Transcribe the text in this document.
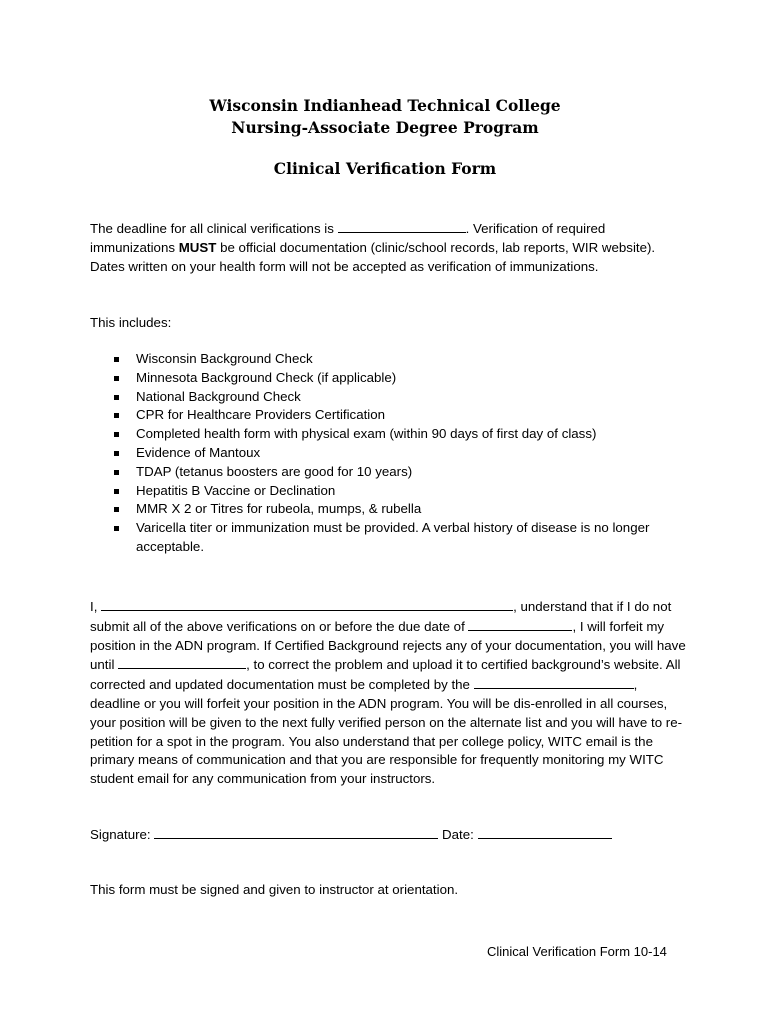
Wisconsin Indianhead Technical College
Nursing-Associate Degree Program
Clinical Verification Form
The deadline for all clinical verifications is	. Verification of required immunizations MUST be official documentation (clinic/school records, lab reports, WIR website). Dates written on your health form will not be accepted as verification of immunizations.
This includes:
Wisconsin Background Check
Minnesota Background Check (if applicable)
National Background Check
CPR for Healthcare Providers Certification
Completed health form with physical exam (within 90 days of first day of class)
Evidence of Mantoux
TDAP (tetanus boosters are good for 10 years)
Hepatitis B Vaccine or Declination
MMR X 2 or Titres for rubeola, mumps, & rubella
Varicella titer or immunization must be provided. A verbal history of disease is no longer acceptable.
I,	, understand that if I do not submit all of the above verifications on or before the due date of	, I will forfeit my position in the ADN program. If Certified Background rejects any of your documentation, you will have until	, to correct the problem and upload it to certified background’s website. All corrected and updated documentation must be completed by the	, deadline or you will forfeit your position in the ADN program. You will be dis-enrolled in all courses, your position will be given to the next fully verified person on the alternate list and you will have to re-petition for a spot in the program. You also understand that per college policy, WITC email is the primary means of communication and that you are responsible for frequently monitoring my WITC student email for any communication from your instructors.
Signature:	Date:
This form must be signed and given to instructor at orientation.
Clinical Verification Form 10-14
